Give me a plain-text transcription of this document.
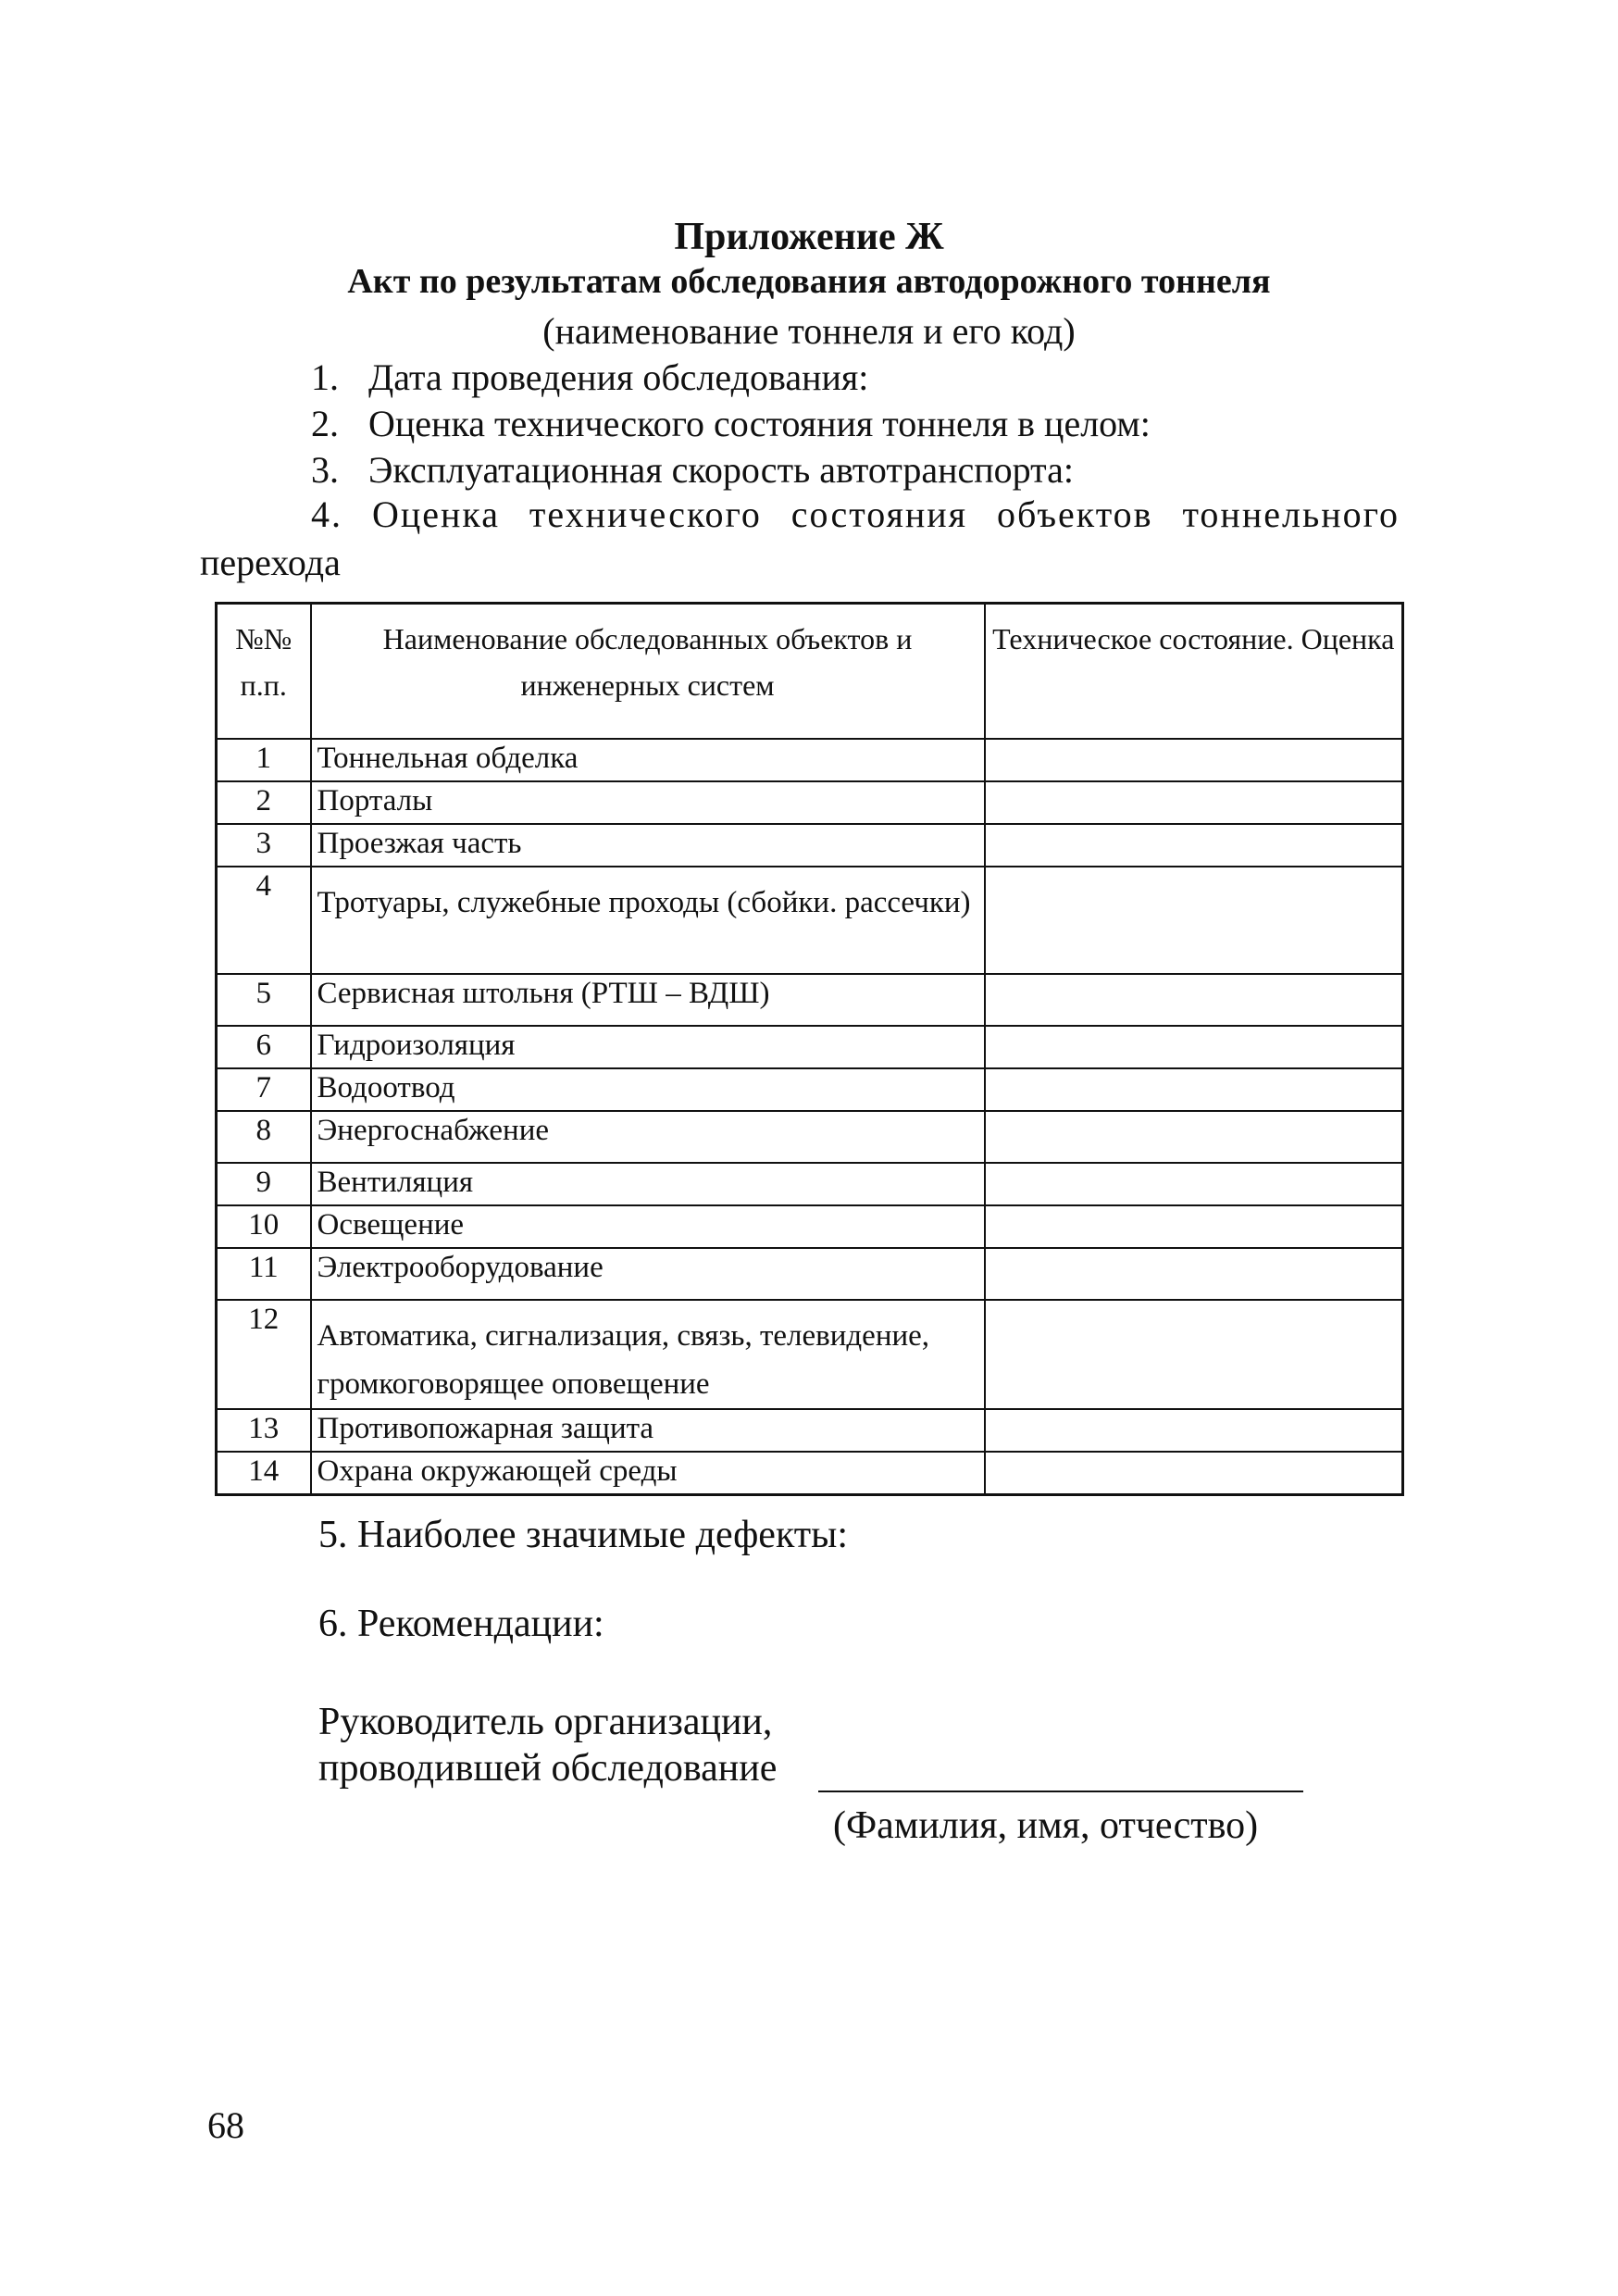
Приложение Ж
Акт по результатам обследования автодорожного тоннеля
(наименование тоннеля и его код)
1. Дата проведения обследования:
2. Оценка технического состояния тоннеля в целом:
3. Эксплуатационная скорость автотранспорта:
4. Оценка технического состояния объектов тоннельного
перехода
№№ п.п.	Наименование обследованных объектов и инженерных систем	Техническое состояние. Оценка
1	Тоннельная обделка	
2	Порталы	
3	Проезжая часть	
4	Тротуары, служебные проходы (сбойки. рассечки)	
5	Сервисная штольня (РТШ – ВДШ)	
6	Гидроизоляция	
7	Водоотвод	
8	Энергоснабжение	
9	Вентиляция	
10	Освещение	
11	Электрооборудование	
12	Автоматика, сигнализация, связь, телевидение, громкоговорящее оповещение	
13	Противопожарная защита	
14	Охрана окружающей среды	
5. Наиболее значимые дефекты:
6. Рекомендации:
Руководитель организации,
проводившей обследование
(Фамилия, имя, отчество)
68
